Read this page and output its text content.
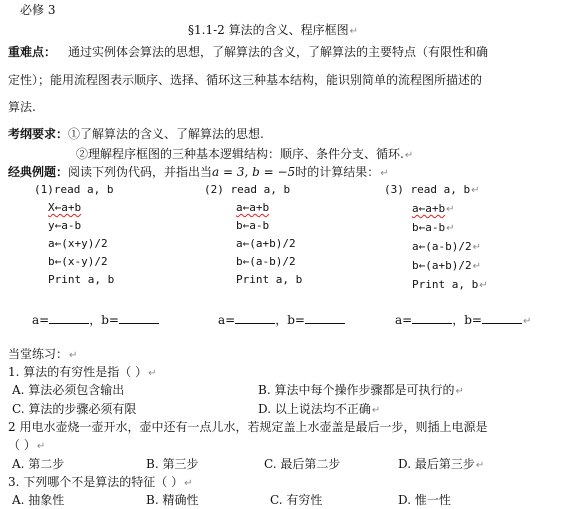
必修 3
§1.1-2 算法的含义、程序框图↵
重难点： 通过实例体会算法的思想，了解算法的含义，了解算法的主要特点（有限性和确
定性）；能用流程图表示顺序、选择、循环这三种基本结构，能识别简单的流程图所描述的
算法.
考纲要求：①了解算法的含义、了解算法的思想.
②理解程序框图的三种基本逻辑结构：顺序、条件分支、循环.↵
经典例题：阅读下列伪代码，并指出当a = 3, b = −5时的计算结果：↵
(1)read a, b
X←a+b
y←a-b
a←(x+y)/2
b←(x-y)/2
Print a, b
(2) read a, b
a←a+b
b←a-b
a←(a+b)/2
b←(a-b)/2
Print a, b
(3) read a, b↵
a←a+b↵
b←a-b↵
a←(a-b)/2↵
b←(a+b)/2↵
Print a, b↵
a=	，b=	a=	，b=	a=	，b=	↵
当堂练习：↵
1. 算法的有穷性是指（ ）↵
A. 算法必须包含输出	B. 算法中每个操作步骤都是可执行的↵
C. 算法的步骤必须有限	D. 以上说法均不正确↵
2 用电水壶烧一壶开水，壶中还有一点儿水，若规定盖上水壶盖是最后一步，则插上电源是
（ ）↵
A. 第二步	B. 第三步	C. 最后第二步	D. 最后第三步↵
3. 下列哪个不是算法的特征（ ）↵
A. 抽象性	B. 精确性	C. 有穷性	D. 惟一性
